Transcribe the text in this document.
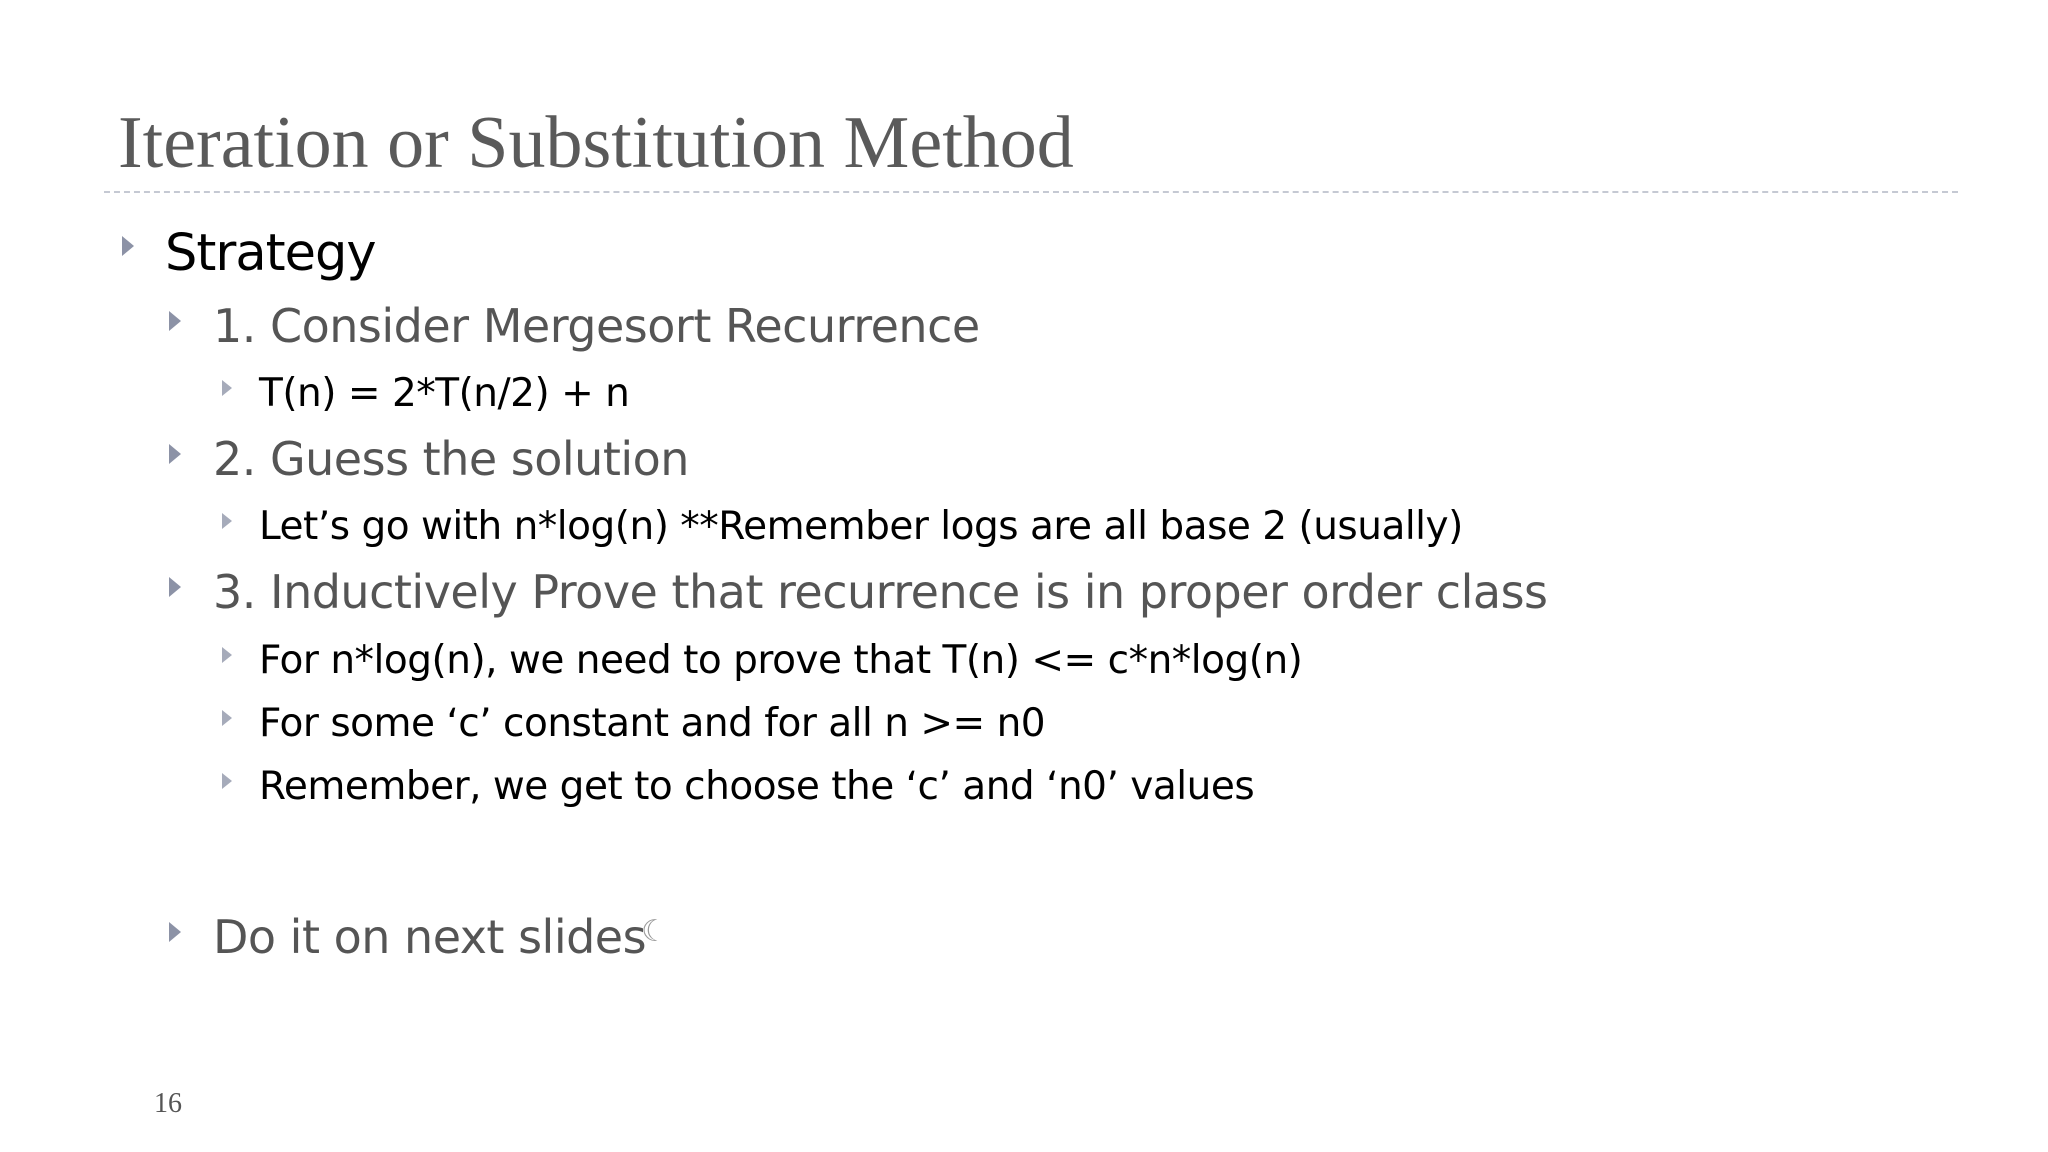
Iteration or Substitution Method
Strategy
1. Consider Mergesort Recurrence
T(n) = 2*T(n/2) + n
2. Guess the solution
Let’s go with n*log(n) **Remember logs are all base 2 (usually)
3. Inductively Prove that recurrence is in proper order class
For n*log(n), we need to prove that T(n) <= c*n*log(n)
For some ‘c’ constant and for all n >= n0
Remember, we get to choose the ‘c’ and ‘n0’ values
Do it on next slides
☾
16
